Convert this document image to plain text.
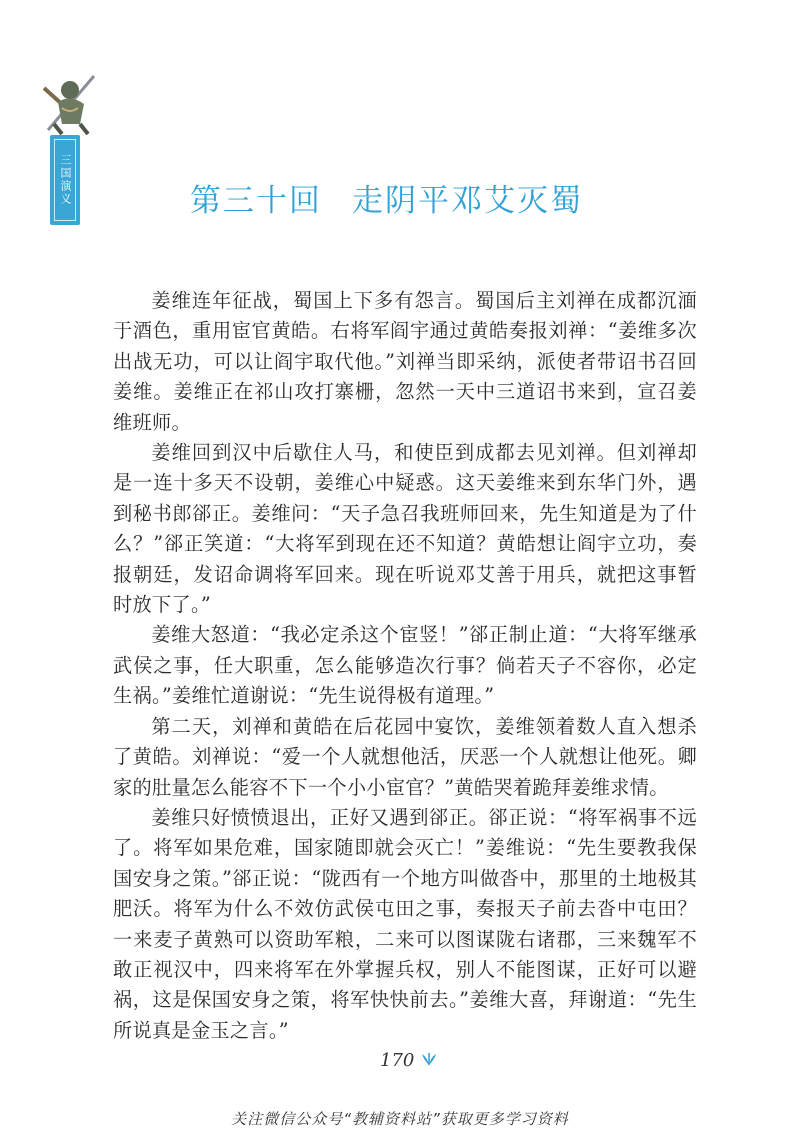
三国演义	第三十回 走阴平邓艾灭蜀

姜维连年征战，蜀国上下多有怨言。蜀国后主刘禅在成都沉湎于酒色，重用宦官黄皓。右将军阎宇通过黄皓奏报刘禅：“姜维多次出战无功，可以让阎宇取代他。”刘禅当即采纳，派使者带诏书召回姜维。姜维正在祁山攻打寨栅，忽然一天中三道诏书来到，宣召姜维班师。

姜维回到汉中后歇住人马，和使臣到成都去见刘禅。但刘禅却是一连十多天不设朝，姜维心中疑惑。这天姜维来到东华门外，遇到秘书郎郤正。姜维问：“天子急召我班师回来，先生知道是为了什么？”郤正笑道：“大将军到现在还不知道？黄皓想让阎宇立功，奏报朝廷，发诏命调将军回来。现在听说邓艾善于用兵，就把这事暂时放下了。”

姜维大怒道：“我必定杀这个宦竖！”郤正制止道：“大将军继承武侯之事，任大职重，怎么能够造次行事？倘若天子不容你，必定生祸。”姜维忙道谢说：“先生说得极有道理。”

第二天，刘禅和黄皓在后花园中宴饮，姜维领着数人直入想杀了黄皓。刘禅说：“爱一个人就想他活，厌恶一个人就想让他死。卿家的肚量怎么能容不下一个小小宦官？”黄皓哭着跪拜姜维求情。

姜维只好愤愤退出，正好又遇到郤正。郤正说：“将军祸事不远了。将军如果危难，国家随即就会灭亡！”姜维说：“先生要教我保国安身之策。”郤正说：“陇西有一个地方叫做沓中，那里的土地极其肥沃。将军为什么不效仿武侯屯田之事，奏报天子前去沓中屯田？一来麦子黄熟可以资助军粮，二来可以图谋陇右诸郡，三来魏军不敢正视汉中，四来将军在外掌握兵权，别人不能图谋，正好可以避祸，这是保国安身之策，将军快快前去。”姜维大喜，拜谢道：“先生所说真是金玉之言。”

170
关注微信公众号“教辅资料站”获取更多学习资料
